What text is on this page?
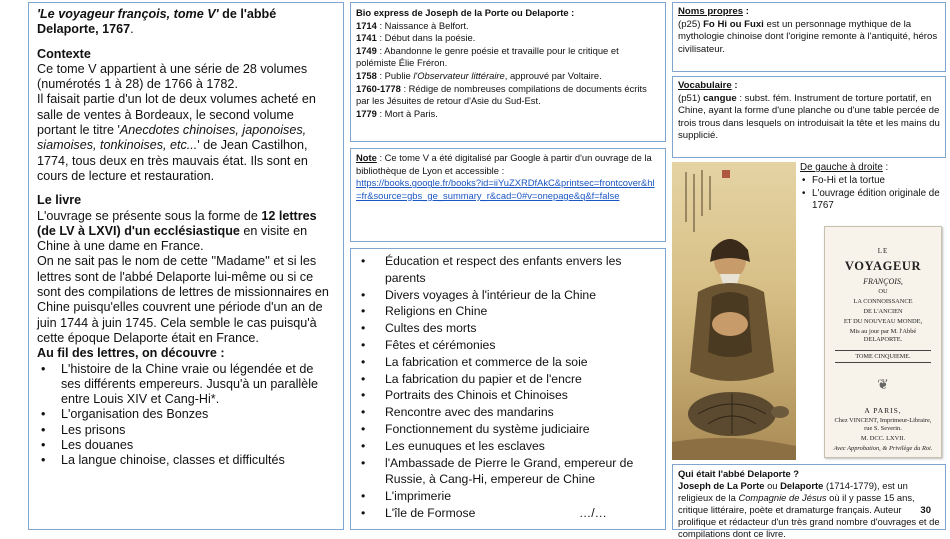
'Le voyageur françois, tome V' de l'abbé Delaporte, 1767.

Contexte

Ce tome V appartient à une série de 28 volumes (numérotés 1 à 28) de 1766 à 1782.

Il faisait partie d'un lot de deux volumes acheté en salle de ventes à Bordeaux, le second volume portant le titre 'Anecdotes chinoises, japonoises, siamoises, tonkinoises, etc...' de Jean Castilhon, 1774, tous deux en très mauvais état. Ils sont en cours de lecture et restauration.

Le livre

L'ouvrage se présente sous la forme de 12 lettres (de LV à LXVI) d'un ecclésiastique en visite en Chine à une dame en France.

On ne sait pas le nom de cette ''Madame'' et si les lettres sont de l'abbé Delaporte lui-même ou si ce sont des compilations de lettres de missionnaires en Chine puisqu'elles couvrent une période d'un an de juin 1744 à juin 1745. Cela semble le cas puisqu'à cette époque Delaporte était en France.

Au fil des lettres, on découvre :

• L'histoire de la Chine vraie ou légendée et de ses différents empereurs. Jusqu'à un parallèle entre Louis XIV et Cang-Hi*.
• L'organisation des Bonzes
• Les prisons
• Les douanes
• La langue chinoise, classes et difficultés

Bio express de Joseph de la Porte ou Delaporte :

1714 : Naissance à Belfort.

1741 : Début dans la poésie.

1749 : Abandonne le genre poésie et travaille pour le critique et polémiste Élie Fréron.

1758 : Publie l'Observateur littéraire, approuvé par Voltaire.

1760-1778 : Rédige de nombreuses compilations de documents écrits par les Jésuites de retour d'Asie du Sud-Est.

1779 : Mort à Paris.

Note : Ce tome V a été digitalisé par Google à partir d'un ouvrage de la bibliothèque de Lyon et accessible :

https://books.google.fr/books?id=iiYuZXRDfAkC&printsec=frontcover&hl=fr&source=gbs_ge_summary_r&cad=0#v=onepage&q&f=false

• Éducation et respect des enfants envers les parents
• Divers voyages à l'intérieur de la Chine
• Religions en Chine
• Cultes des morts
• Fêtes et cérémonies
• La fabrication et commerce de la soie
• La fabrication du papier et de l'encre
• Portraits des Chinois et Chinoises
• Rencontre avec des mandarins
• Fonctionnement du système judiciaire
• Les eunuques et les esclaves
• l'Ambassade de Pierre le Grand, empereur de Russie, à Cang-Hi, empereur de Chine
• L'imprimerie
• L'île de Formose	…/…

Noms propres :

(p25) Fo Hi ou Fuxi est un personnage mythique de la mythologie chinoise dont l'origine remonte à l'antiquité, héros civilisateur.

Vocabulaire :

(p51) cangue : subst. fém. Instrument de torture portatif, en Chine, ayant la forme d'une planche ou d'une table percée de trois trous dans lesquels on introduisait la tête et les mains du supplicié.

De gauche à droite :
• Fo-Hi et la tortue
• L'ouvrage édition originale de 1767
LE
VOYAGEUR
FRANÇOIS,
OU
LA CONNOISSANCE
DE L'ANCIEN
ET DU NOUVEAU MONDE,
Mis au jour par M. l'Abbé DELAPORTE.
TOME CINQUIEME.
❦
A PARIS,
Chez VINCENT, Imprimeur-Libraire, rue S. Severin.
M. DCC. LXVII.
Avec Approbation, & Privilège du Roi.

Qui était l'abbé Delaporte ?

Joseph de La Porte ou Delaporte (1714-1779), est un religieux de la Compagnie de Jésus où il y passe 15 ans, critique littéraire, poète et dramaturge français. Auteur prolifique et rédacteur d'un très grand nombre d'ouvrages et de compilations dont ce livre.

30
